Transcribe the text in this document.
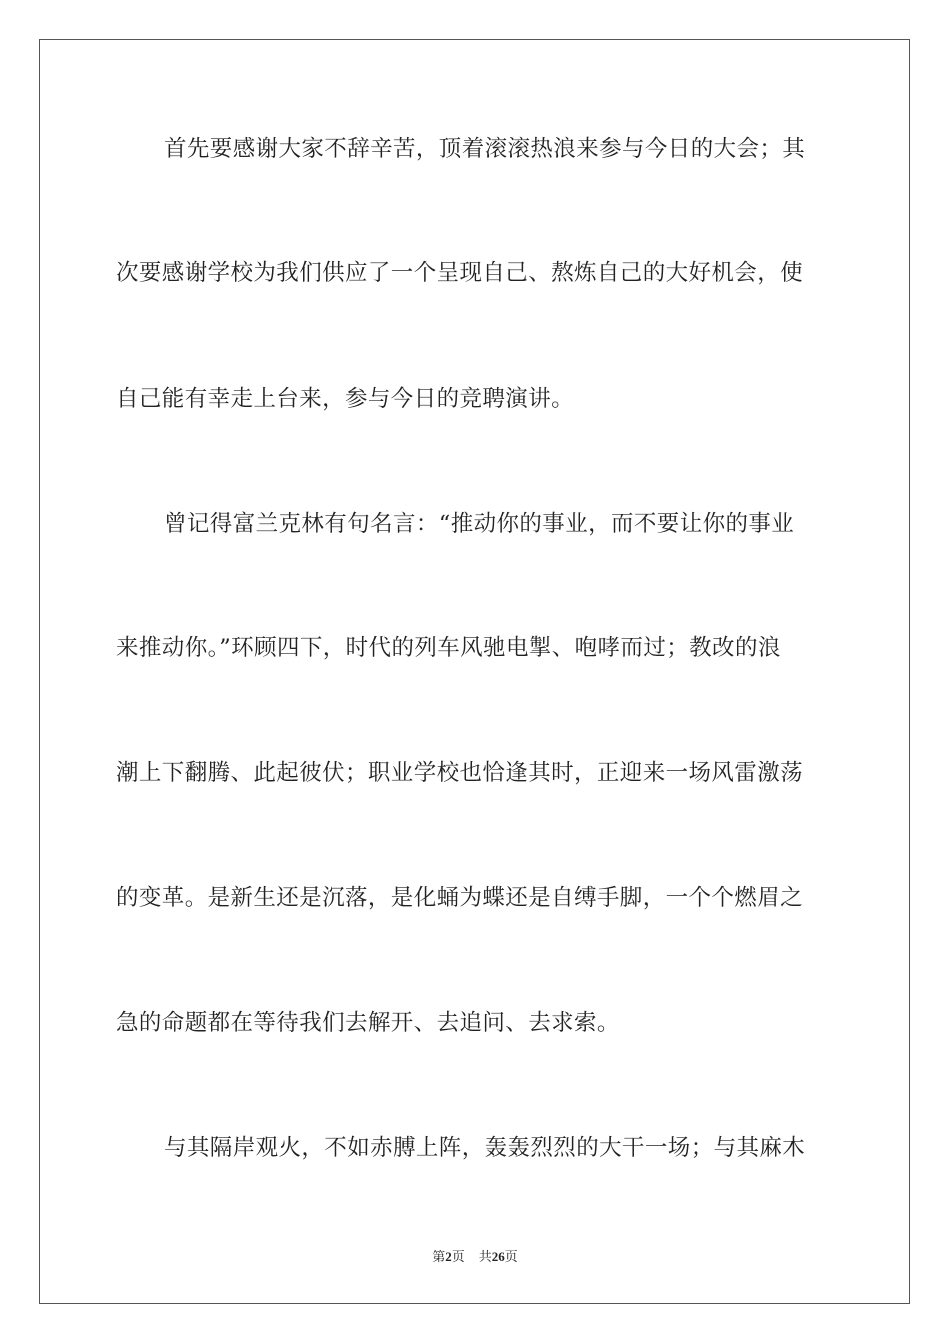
首先要感谢大家不辞辛苦，顶着滚滚热浪来参与今日的大会；其
次要感谢学校为我们供应了一个呈现自己、熬炼自己的大好机会，使
自己能有幸走上台来，参与今日的竞聘演讲。
曾记得富兰克林有句名言：“推动你的事业，而不要让你的事业
来推动你。”环顾四下，时代的列车风驰电掣、咆哮而过；教改的浪
潮上下翻腾、此起彼伏；职业学校也恰逢其时，正迎来一场风雷激荡
的变革。是新生还是沉落，是化蛹为蝶还是自缚手脚，一个个燃眉之
急的命题都在等待我们去解开、去追问、去求索。
与其隔岸观火，不如赤膊上阵，轰轰烈烈的大干一场；与其麻木
第2页 共26页
